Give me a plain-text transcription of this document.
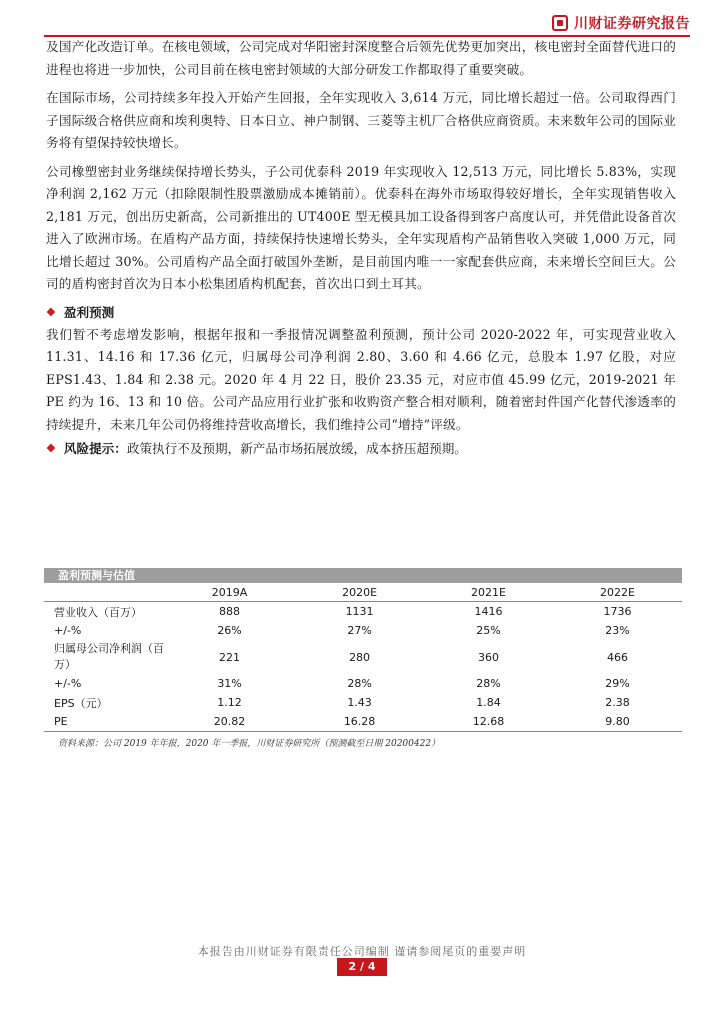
川财证券研究报告

及国产化改造订单。在核电领域，公司完成对华阳密封深度整合后领先优势更加突出，核电密封全面替代进口的进程也将进一步加快，公司目前在核电密封领域的大部分研发工作都取得了重要突破。

在国际市场，公司持续多年投入开始产生回报，全年实现收入 3,614 万元，同比增长超过一倍。公司取得西门子国际级合格供应商和埃利奥特、日本日立、神户制钢、三菱等主机厂合格供应商资质。未来数年公司的国际业务将有望保持较快增长。

公司橡塑密封业务继续保持增长势头，子公司优泰科 2019 年实现收入 12,513 万元，同比增长 5.83%，实现净利润 2,162 万元（扣除限制性股票激励成本摊销前）。优泰科在海外市场取得较好增长，全年实现销售收入 2,181 万元，创出历史新高，公司新推出的 UT400E 型无模具加工设备得到客户高度认可，并凭借此设备首次进入了欧洲市场。在盾构产品方面，持续保持快速增长势头，全年实现盾构产品销售收入突破 1,000 万元，同比增长超过 30%。公司盾构产品全面打破国外垄断，是目前国内唯一一家配套供应商，未来增长空间巨大。公司的盾构密封首次为日本小松集团盾构机配套，首次出口到土耳其。

❖ 盈利预测

我们暂不考虑增发影响，根据年报和一季报情况调整盈利预测，预计公司 2020-2022 年，可实现营业收入 11.31、14.16 和 17.36 亿元，归属母公司净利润 2.80、3.60 和 4.66 亿元，总股本 1.97 亿股，对应 EPS1.43、1.84 和 2.38 元。2020 年 4 月 22 日，股价 23.35 元，对应市值 45.99 亿元，2019-2021 年 PE 约为 16、13 和 10 倍。公司产品应用行业扩张和收购资产整合相对顺利，随着密封件国产化替代渗透率的持续提升，未来几年公司仍将维持营收高增长，我们维持公司“增持”评级。

❖ 风险提示： 政策执行不及预期，新产品市场拓展放缓，成本挤压超预期。
盈利预测与估值
	2019A	2020E	2021E	2022E
营业收入（百万）	888	1131	1416	1736
+/-%	26%	27%	25%	23%
归属母公司净利润（百万）	221	280	360	466
+/-%	31%	28%	28%	29%
EPS（元）	1.12	1.43	1.84	2.38
PE	20.82	16.28	12.68	9.80
资料来源：公司 2019 年年报，2020 年一季报，川财证券研究所（预测截至日期 20200422）
本报告由川财证券有限责任公司编制 谨请参阅尾页的重要声明
2 / 4
